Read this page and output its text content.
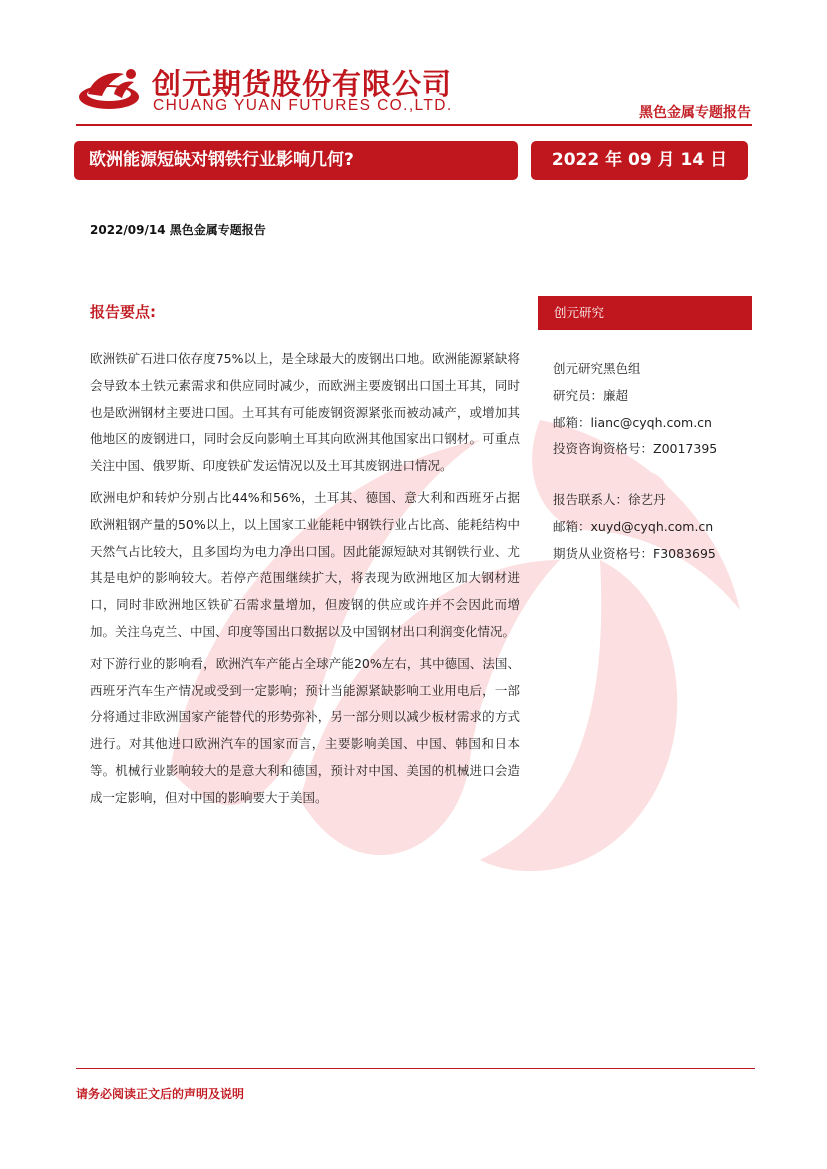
创元期货股份有限公司
CHUANG YUAN FUTURES CO.,LTD.	黑色金属专题报告
欧洲能源短缺对钢铁行业影响几何?	2022 年 09 月 14 日
2022/09/14 黑色金属专题报告
报告要点:

欧洲铁矿石进口依存度75%以上，是全球最大的废钢出口地。欧洲能源紧缺将会导致本土铁元素需求和供应同时减少，而欧洲主要废钢出口国土耳其，同时也是欧洲钢材主要进口国。土耳其有可能废钢资源紧张而被动减产，或增加其他地区的废钢进口，同时会反向影响土耳其向欧洲其他国家出口钢材。可重点关注中国、俄罗斯、印度铁矿发运情况以及土耳其废钢进口情况。

欧洲电炉和转炉分别占比44%和56%，土耳其、德国、意大利和西班牙占据欧洲粗钢产量的50%以上，以上国家工业能耗中钢铁行业占比高、能耗结构中天然气占比较大，且多国均为电力净出口国。因此能源短缺对其钢铁行业、尤其是电炉的影响较大。若停产范围继续扩大，将表现为欧洲地区加大钢材进口，同时非欧洲地区铁矿石需求量增加，但废钢的供应或许并不会因此而增加。关注乌克兰、中国、印度等国出口数据以及中国钢材出口利润变化情况。

对下游行业的影响看，欧洲汽车产能占全球产能20%左右，其中德国、法国、西班牙汽车生产情况或受到一定影响；预计当能源紧缺影响工业用电后，一部分将通过非欧洲国家产能替代的形势弥补，另一部分则以减少板材需求的方式进行。对其他进口欧洲汽车的国家而言，主要影响美国、中国、韩国和日本等。机械行业影响较大的是意大利和德国，预计对中国、美国的机械进口会造成一定影响，但对中国的影响要大于美国。

创元研究
创元研究黑色组
研究员：廉超
邮箱：lianc@cyqh.com.cn
投资咨询资格号：Z0017395
报告联系人：徐艺丹
邮箱：xuyd@cyqh.com.cn
期货从业资格号：F3083695
请务必阅读正文后的声明及说明
